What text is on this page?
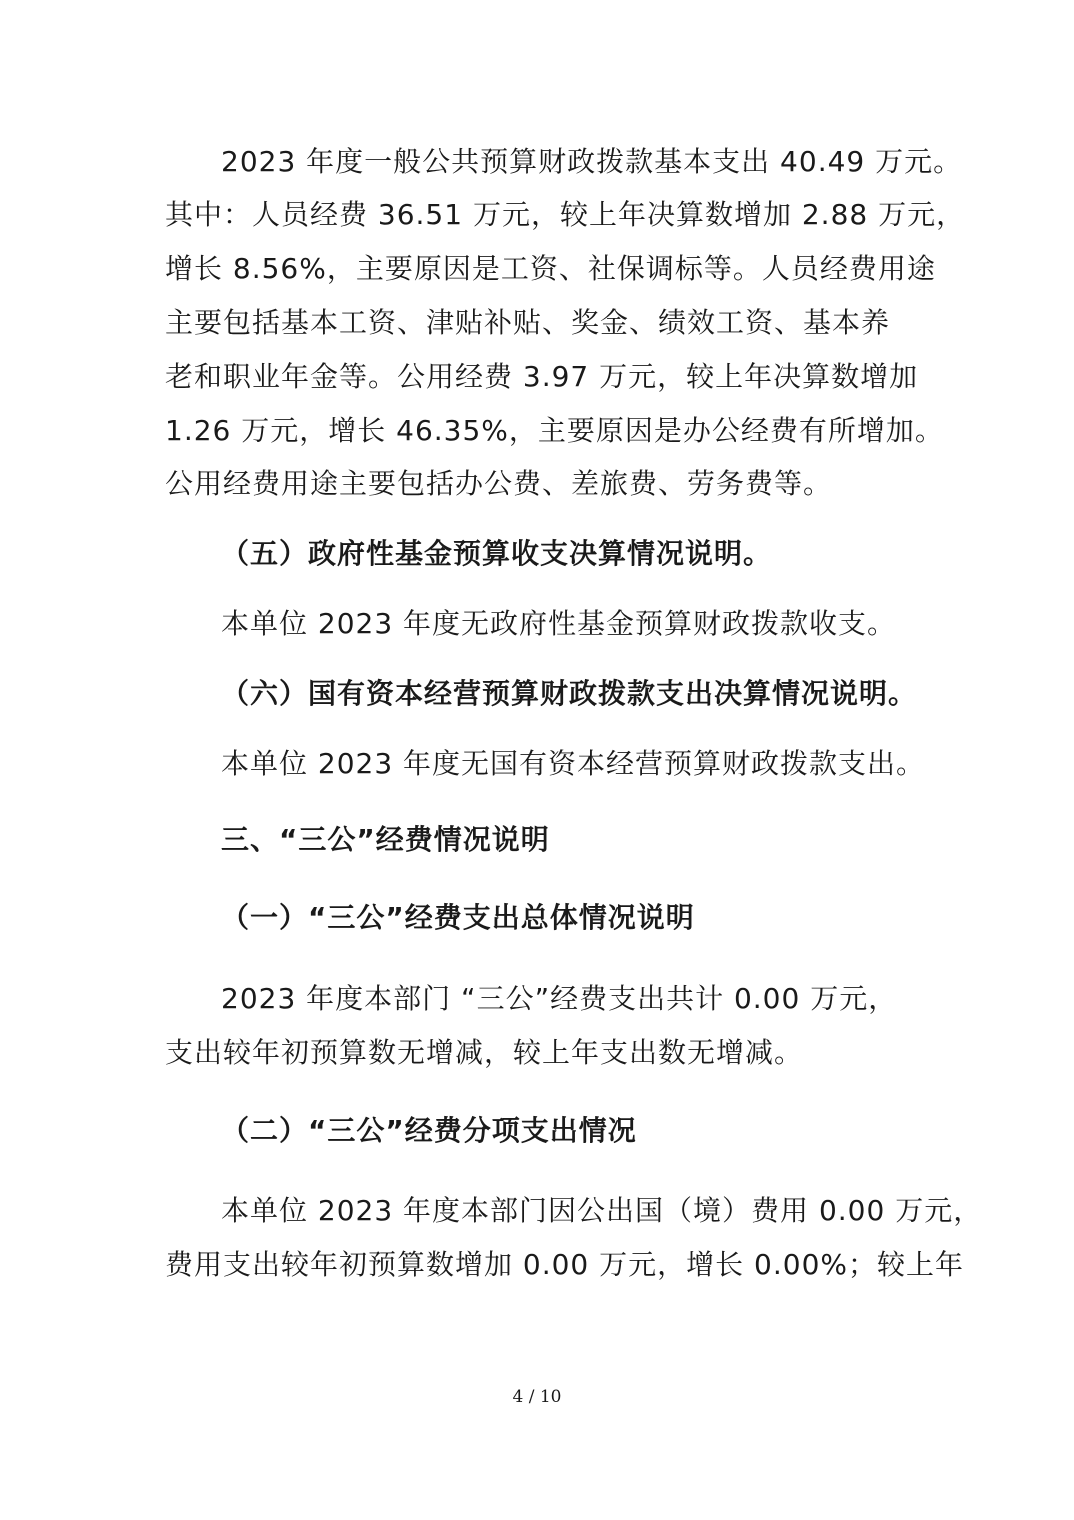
2023 年度一般公共预算财政拨款基本支出 40.49 万元。
其中：人员经费 36.51 万元，较上年决算数增加 2.88 万元，
增长 8.56%，主要原因是工资、社保调标等。人员经费用途
主要包括基本工资、津贴补贴、奖金、绩效工资、基本养
老和职业年金等。公用经费 3.97 万元，较上年决算数增加
1.26 万元，增长 46.35%，主要原因是办公经费有所增加。
公用经费用途主要包括办公费、差旅费、劳务费等。
（五）政府性基金预算收支决算情况说明。
本单位 2023 年度无政府性基金预算财政拨款收支。
（六）国有资本经营预算财政拨款支出决算情况说明。
本单位 2023 年度无国有资本经营预算财政拨款支出。
三、“三公”经费情况说明
（一）“三公”经费支出总体情况说明
2023 年度本部门 “三公”经费支出共计 0.00 万元，
支出较年初预算数无增减，较上年支出数无增减。
（二）“三公”经费分项支出情况
本单位 2023 年度本部门因公出国（境）费用 0.00 万元，
费用支出较年初预算数增加 0.00 万元，增长 0.00%；较上年
4 / 10
